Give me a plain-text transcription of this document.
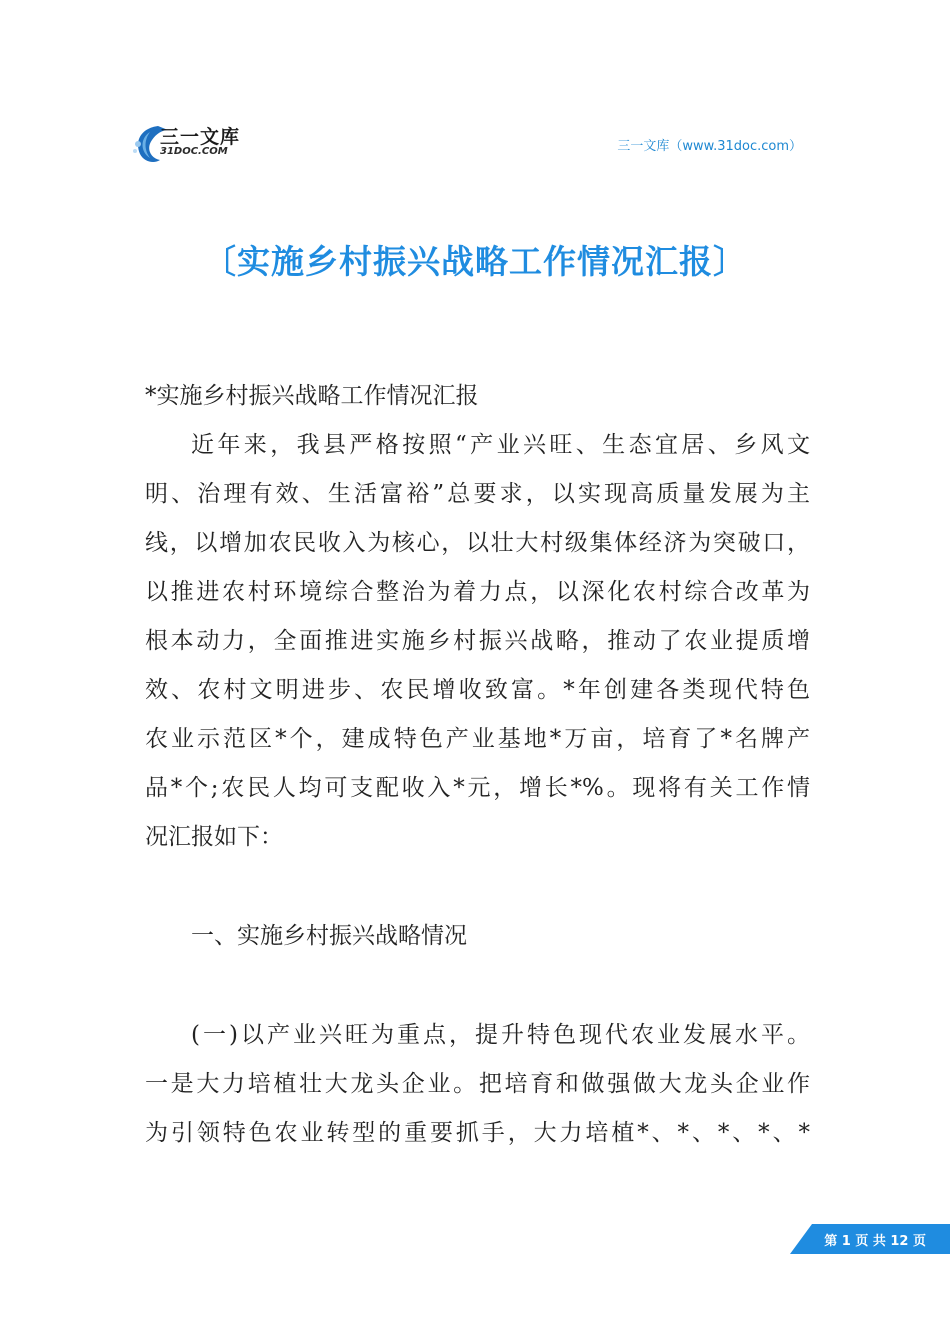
三一文库
31DOC.COM	三一文库（www.31doc.com）
〔实施乡村振兴战略工作情况汇报〕
*实施乡村振兴战略工作情况汇报
近年来，我县严格按照“产业兴旺、生态宜居、乡风文
明、治理有效、生活富裕”总要求，以实现高质量发展为主
线，以增加农民收入为核心，以壮大村级集体经济为突破口，
以推进农村环境综合整治为着力点，以深化农村综合改革为
根本动力，全面推进实施乡村振兴战略，推动了农业提质增
效、农村文明进步、农民增收致富。*年创建各类现代特色
农业示范区*个，建成特色产业基地*万亩，培育了*名牌产
品*个;农民人均可支配收入*元，增长*%。现将有关工作情
况汇报如下：
一、实施乡村振兴战略情况
(一)以产业兴旺为重点，提升特色现代农业发展水平。
一是大力培植壮大龙头企业。把培育和做强做大龙头企业作
为引领特色农业转型的重要抓手，大力培植*、*、*、*、*
第 1 页 共 12 页
